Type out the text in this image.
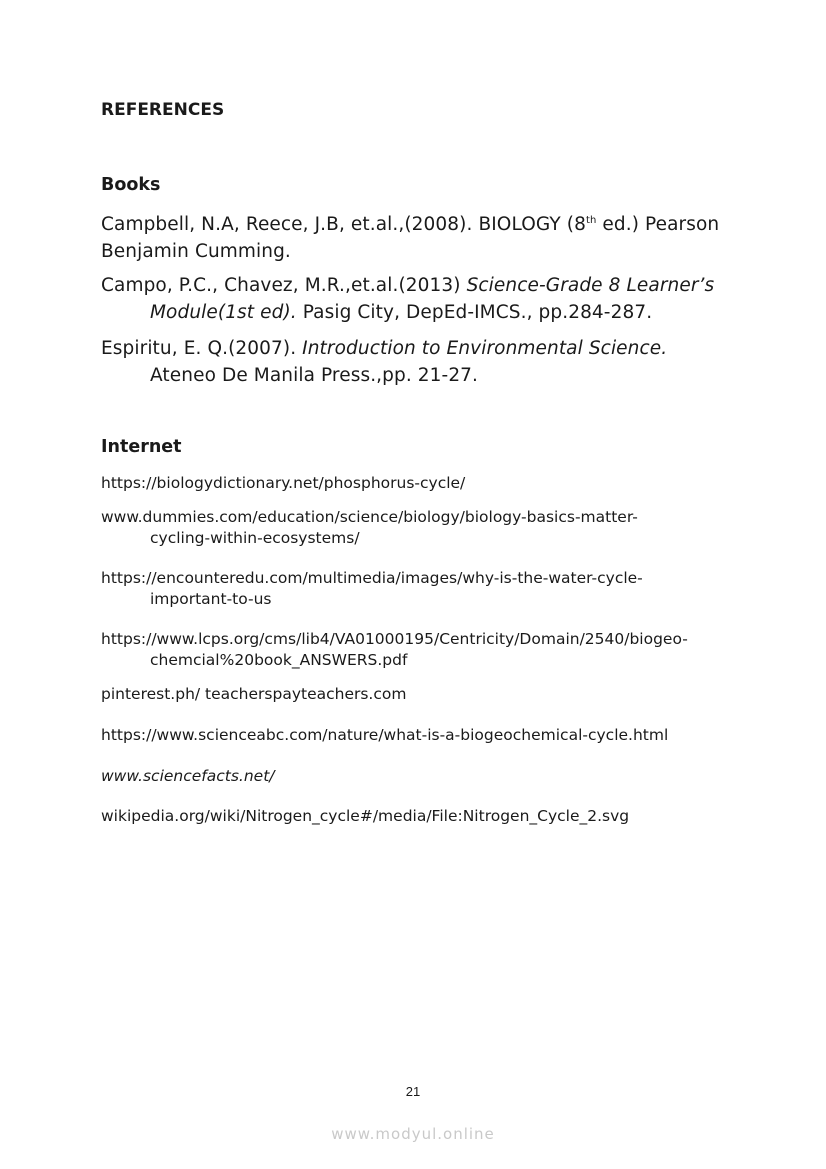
REFERENCES
Books

Campbell, N.A, Reece, J.B, et.al.,(2008). BIOLOGY (8th ed.) Pearson
Benjamin Cumming.

Campo, P.C., Chavez, M.R.,et.al.(2013) Science-Grade 8 Learner’s
Module(1st ed). Pasig City, DepEd-IMCS., pp.284-287.

Espiritu, E. Q.(2007). Introduction to Environmental Science.
Ateneo De Manila Press.,pp. 21-27.

Internet

https://biologydictionary.net/phosphorus-cycle/

www.dummies.com/education/science/biology/biology-basics-matter-
cycling-within-ecosystems/

https://encounteredu.com/multimedia/images/why-is-the-water-cycle-
important-to-us

https://www.lcps.org/cms/lib4/VA01000195/Centricity/Domain/2540/biogeo-
chemcial%20book_ANSWERS.pdf

pinterest.ph/ teacherspayteachers.com

https://www.scienceabc.com/nature/what-is-a-biogeochemical-cycle.html

www.sciencefacts.net/

wikipedia.org/wiki/Nitrogen_cycle#/media/File:Nitrogen_Cycle_2.svg

21

www.modyul.online
